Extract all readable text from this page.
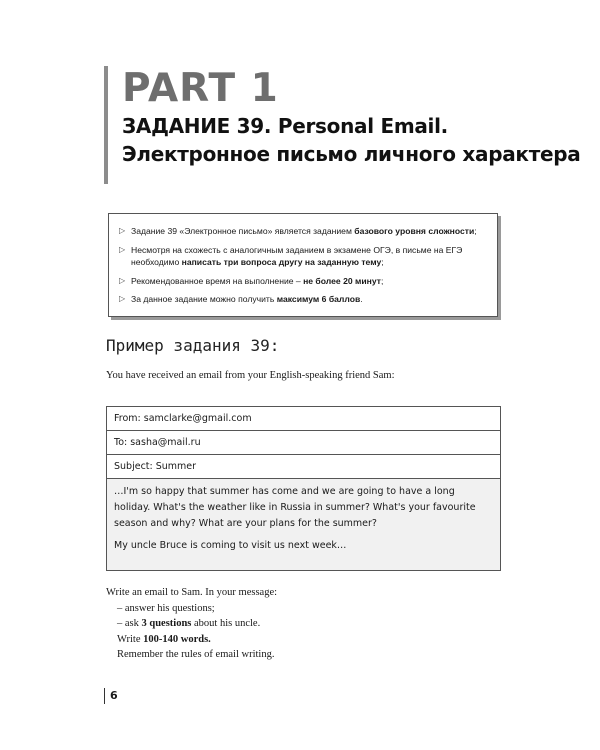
PART 1
ЗАДАНИЕ 39. Personal Email.
Электронное письмо личного характера
▷ Задание 39 «Электронное письмо» является заданием базового уровня сложности;
▷ Несмотря на схожесть с аналогичным заданием в экзамене ОГЭ, в письме на ЕГЭ необходимо написать три вопроса другу на заданную тему;
▷ Рекомендованное время на выполнение – не более 20 минут;
▷ За данное задание можно получить максимум 6 баллов.
Пример задания 39:
You have received an email from your English-speaking friend Sam:
From: samclarke@gmail.com
To: sasha@mail.ru
Subject: Summer

…I'm so happy that summer has come and we are going to have a long holiday. What's the weather like in Russia in summer? What's your favourite season and why? What are your plans for the summer?

My uncle Bruce is coming to visit us next week…

Write an email to Sam. In your message:
– answer his questions;
– ask 3 questions about his uncle.
Write 100-140 words.
Remember the rules of email writing.
6
